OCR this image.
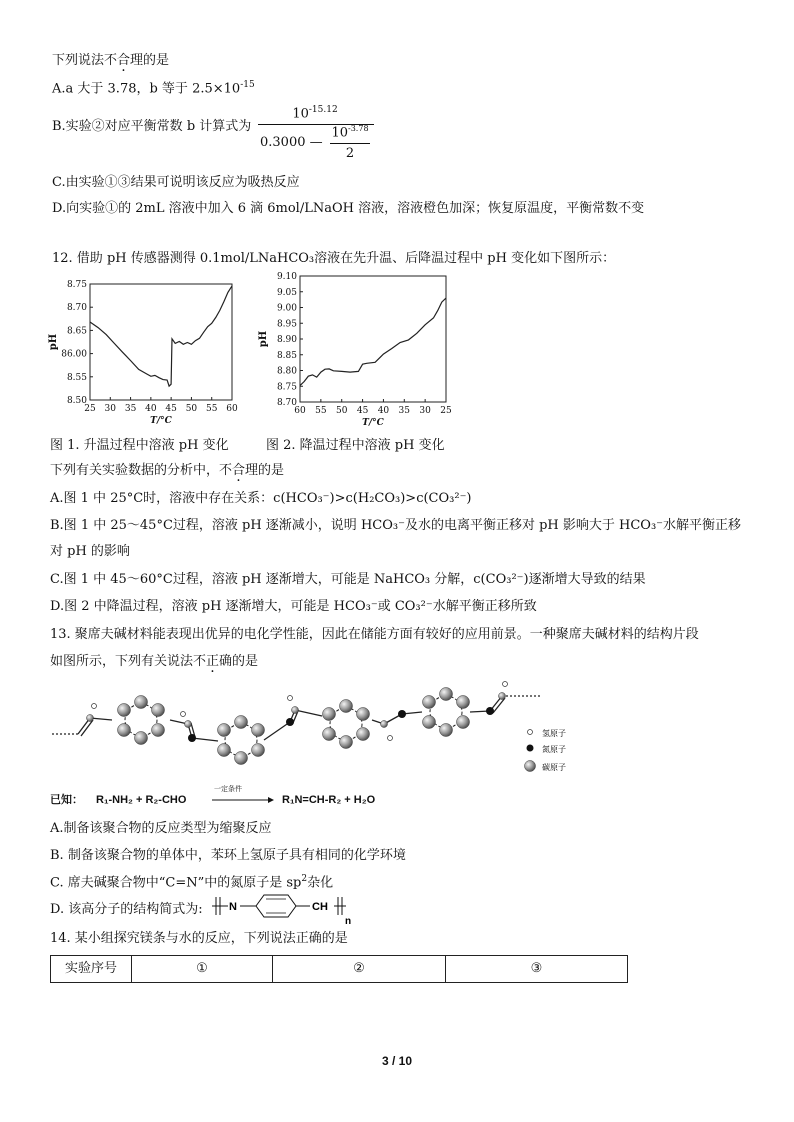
下列说法不合理的是
A.a 大于 3.78，b 等于 $2.5\times 10^{-15}$
B.实验②对应平衡常数 b 计算式为
$10^{-15.12}$
0.3000 —
$10^{-3.78}$
2
C.由实验①③结果可说明该反应为吸热反应
D.向实验①的 2mL 溶液中加入 6 滴 6mol/LNaOH 溶液，溶液橙色加深；恢复原温度，平衡常数不变
12. 借助 pH 传感器测得 0.1mol/LNaHCO₃溶液在先升温、后降温过程中 pH 变化如下图所示：
25 30 35 40 45 50 55 60
8.50
8.55
86.00
8.65
8.70
8.75
T/°C
pH
60 55 50 45 40 35 30 25
8.70
8.75
8.80
8.85
8.90
8.95
9.00
9.05
9.10
T/°C
pH
图 1. 升温过程中溶液 pH 变化	图 2. 降温过程中溶液 pH 变化
下列有关实验数据的分析中，不合理的是
A.图 1 中 25°C时，溶液中存在关系：c(HCO₃⁻)>c(H₂CO₃)>c(CO₃²⁻)
B.图 1 中 25～45°C过程，溶液 pH 逐渐减小，说明 HCO₃⁻及水的电离平衡正移对 pH 影响大于 HCO₃⁻水解平衡正移
对 pH 的影响
C.图 1 中 45～60°C过程，溶液 pH 逐渐增大，可能是 NaHCO₃ 分解，c(CO₃²⁻)逐渐增大导致的结果
D.图 2 中降温过程，溶液 pH 逐渐增大，可能是 HCO₃⁻或 CO₃²⁻水解平衡正移所致
13. 聚席夫碱材料能表现出优异的电化学性能，因此在储能方面有较好的应用前景。一种聚席夫碱材料的结构片段
如图所示，下列有关说法不正确的是
氢原子
氮原子
碳原子
已知： R₁-NH₂ + R₂-CHO
一定条件
R₁N=CH-R₂ + H₂O
A.制备该聚合物的反应类型为缩聚反应
B. 制备该聚合物的单体中，苯环上氢原子具有相同的化学环境
C. 席夫碱聚合物中“C=N”中的氮原子是 $sp^2$杂化
D. 该高分子的结构简式为: N	CH
n
14. 某小组探究镁条与水的反应，下列说法正确的是
实验序号	①	②	③
3 / 10
